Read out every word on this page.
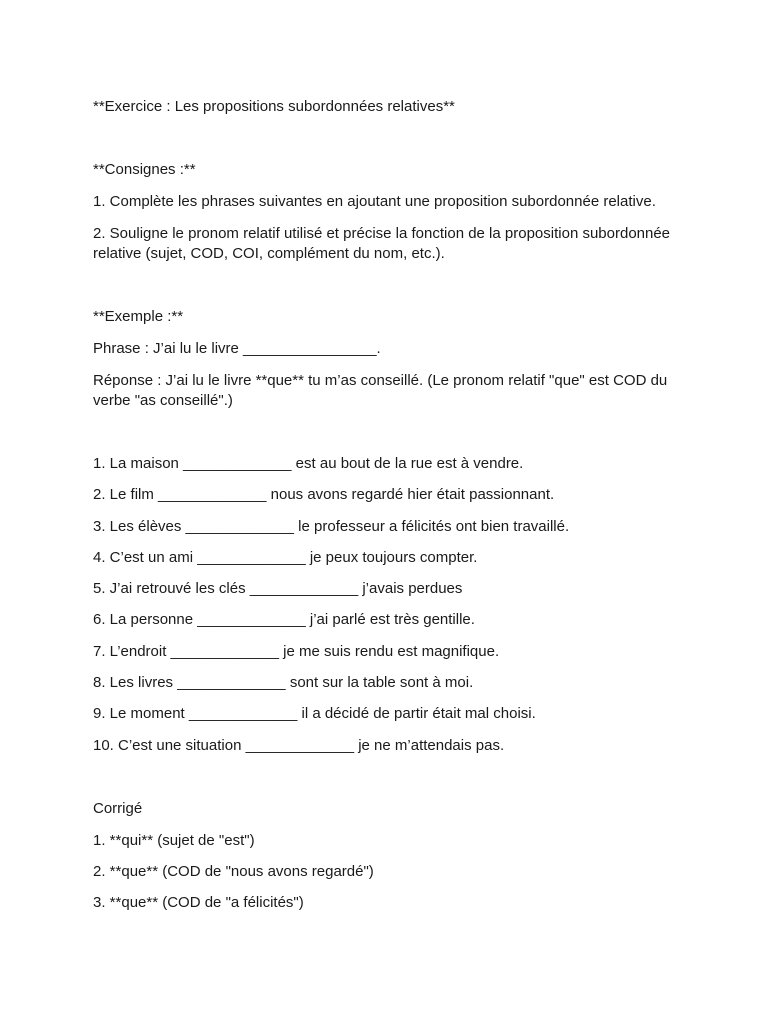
**Exercice : Les propositions subordonnées relatives**

**Consignes :**

1. Complète les phrases suivantes en ajoutant une proposition subordonnée relative.

2. Souligne le pronom relatif utilisé et précise la fonction de la proposition subordonnée relative (sujet, COD, COI, complément du nom, etc.).

**Exemple :**

Phrase : J’ai lu le livre ________________.

Réponse : J’ai lu le livre **que** tu m’as conseillé. (Le pronom relatif "que" est COD du verbe "as conseillé".)

1. La maison _____________ est au bout de la rue est à vendre.

2. Le film _____________ nous avons regardé hier était passionnant.

3. Les élèves _____________ le professeur a félicités ont bien travaillé.

4. C’est un ami _____________ je peux toujours compter.

5. J’ai retrouvé les clés _____________ j’avais perdues

6. La personne _____________ j’ai parlé est très gentille.

7. L’endroit _____________ je me suis rendu est magnifique.

8. Les livres _____________ sont sur la table sont à moi.

9. Le moment _____________ il a décidé de partir était mal choisi.

10. C’est une situation _____________ je ne m’attendais pas.

Corrigé

1. **qui** (sujet de "est")

2. **que** (COD de "nous avons regardé")

3. **que** (COD de "a félicités")
